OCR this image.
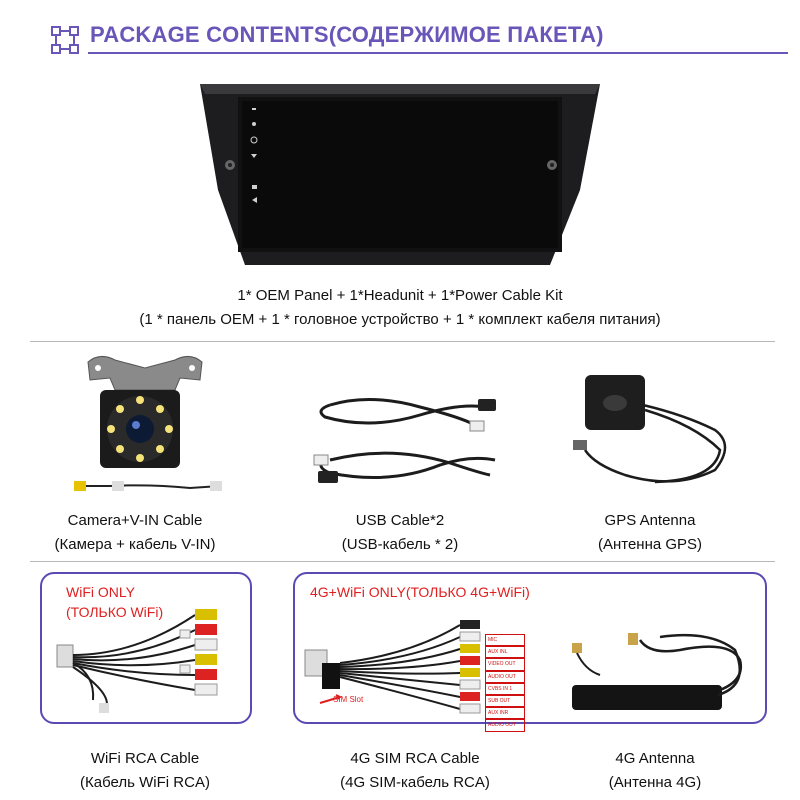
PACKAGE CONTENTS(СОДЕРЖИМОЕ ПАКЕТА)
1* OEM Panel + 1*Headunit + 1*Power Cable Kit
(1 * панель OEM + 1 * головное устройство + 1 * комплект кабеля питания)
Camera+V-IN Cable
(Камера + кабель V-IN)
USB Cable*2
(USB-кабель * 2)
GPS Antenna
(Антенна GPS)
WiFi ONLY
(ТОЛЬКО WiFi)
WiFi RCA Cable
(Кабель WiFi RCA)
4G+WiFi ONLY(ТОЛЬКО 4G+WiFi)
SIM Slot
MIC
AUX INL
VIDEO OUT
AUDIO OUT
CVBS IN 1
SUB OUT
AUX INR
AUDIO OUT
4G Antenna
(Антенна 4G)
4G SIM RCA Cable
(4G SIM-кабель RCA)
